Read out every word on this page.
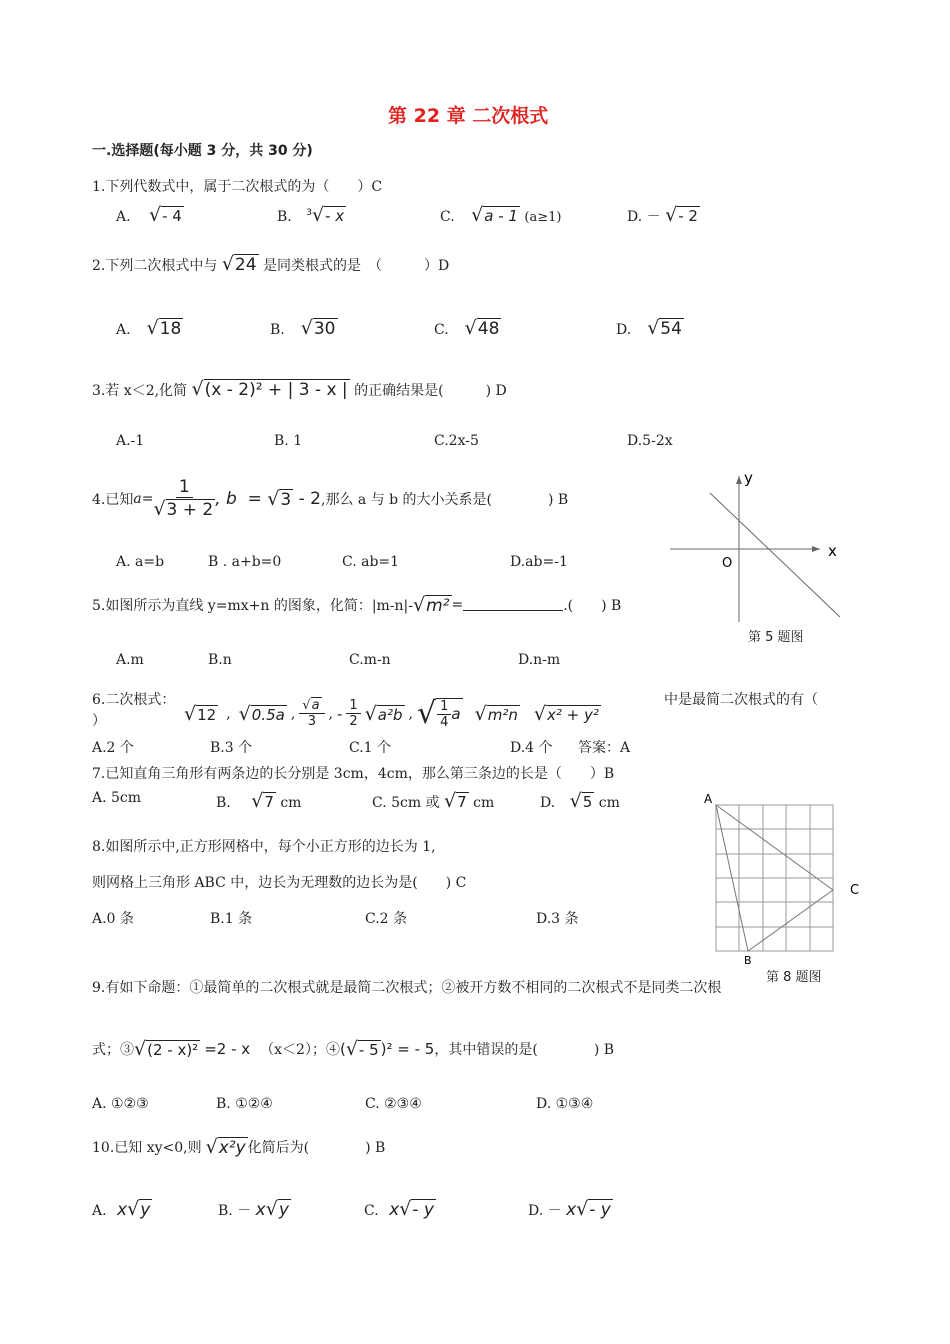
第 22 章 二次根式
一.选择题(每小题 3 分，共 30 分)
1.下列代数式中，属于二次根式的为（　　）C
A. √- 4	B. $^3$√- x	C. √a - 1 (a≥1)	D. － √- 2
2.下列二次根式中与 √24 是同类根式的是　（　　　）D
A. √18	B. √30	C. √48	D. √54
3.若 x＜2,化简 √(x - 2)² + | 3 - x | 的正确结果是(　　　) D
A.-1	B. 1	C.2x-5	D.5-2x
4.已知 $a= \frac{1}{√3 + 2}$ , b  = √3 - 2 ,那么 a 与 b 的大小关系是(　　　　) B
A. a=b	B . a+b=0	C. ab=1	D.ab=-1
y
x
O
第 5 题图
5.如图所示为直线 y=mx+n 的图象，化简：|m-n|- √m² =	.(　　) B
A.m	B.n	C.m-n	D.n-m
6.二次根式：
√12 , √0.5a , $\frac{√a}{3}$ , - $\frac{1}{2} √a^2b$ , √ $\frac{1}{4}$ a √m²n √x² + y²
中是最简二次根式的有（
）
A.2 个	B.3 个	C.1 个	D.4 个 答案：A
7.已知直角三角形有两条边的长分别是 3cm，4cm，那么第三条边的长是（　　）B
A. 5cm	B. √7 cm	C. 5cm 或 √7 cm	D. √5 cm	A
C
B
第 8 题图
8.如图所示中,正方形网格中，每个小正方形的边长为 1,
则网格上三角形 ABC 中，边长为无理数的边长为是(　　) C
A.0 条	B.1 条	C.2 条	D.3 条
9.有如下命题：①最简单的二次根式就是最简二次根式；②被开方数不相同的二次根式不是同类二次根
式；③ √(2 - x)² =2 - x （x＜2）；④ ( √- 5 )² = - 5 ，其中错误的是(　　　　) B
A. ①②③	B. ①②④	C. ②③④	D. ①③④
10.已知 xy<0,则 √x²y 化简后为(　　　　) B
A. x√y	B. － x√y	C. x√- y	D. － x√- y
